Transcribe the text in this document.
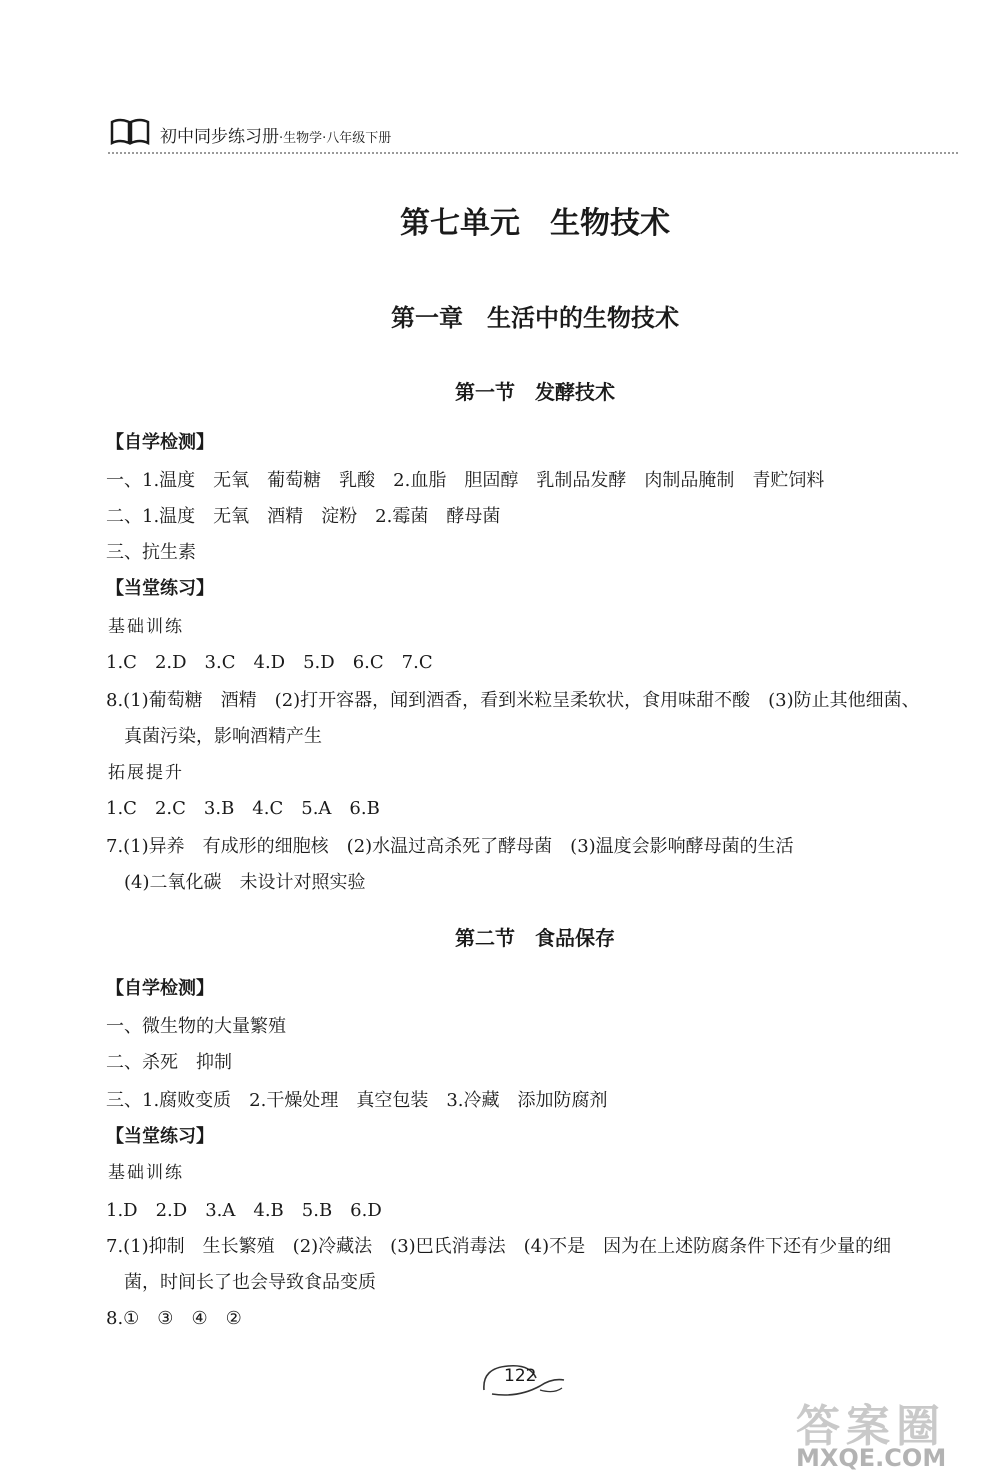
初中同步练习册·生物学·八年级下册
第七单元　生物技术
第一章　生活中的生物技术
第一节　发酵技术
【自学检测】
一、1.温度　无氧　葡萄糖　乳酸　2.血脂　胆固醇　乳制品发酵　肉制品腌制　青贮饲料
二、1.温度　无氧　酒精　淀粉　2.霉菌　酵母菌
三、抗生素
【当堂练习】
基础训练
1.C　2.D　3.C　4.D　5.D　6.C　7.C
8.(1)葡萄糖　酒精　(2)打开容器，闻到酒香，看到米粒呈柔软状，食用味甜不酸　(3)防止其他细菌、
真菌污染，影响酒精产生
拓展提升
1.C　2.C　3.B　4.C　5.A　6.B
7.(1)异养　有成形的细胞核　(2)水温过高杀死了酵母菌　(3)温度会影响酵母菌的生活
(4)二氧化碳　未设计对照实验
第二节　食品保存
【自学检测】
一、微生物的大量繁殖
二、杀死　抑制
三、1.腐败变质　2.干燥处理　真空包装　3.冷藏　添加防腐剂
【当堂练习】
基础训练
1.D　2.D　3.A　4.B　5.B　6.D
7.(1)抑制　生长繁殖　(2)冷藏法　(3)巴氏消毒法　(4)不是　因为在上述防腐条件下还有少量的细
菌，时间长了也会导致食品变质
8.①　③　④　②
122
答案圈
MXQE.COM
